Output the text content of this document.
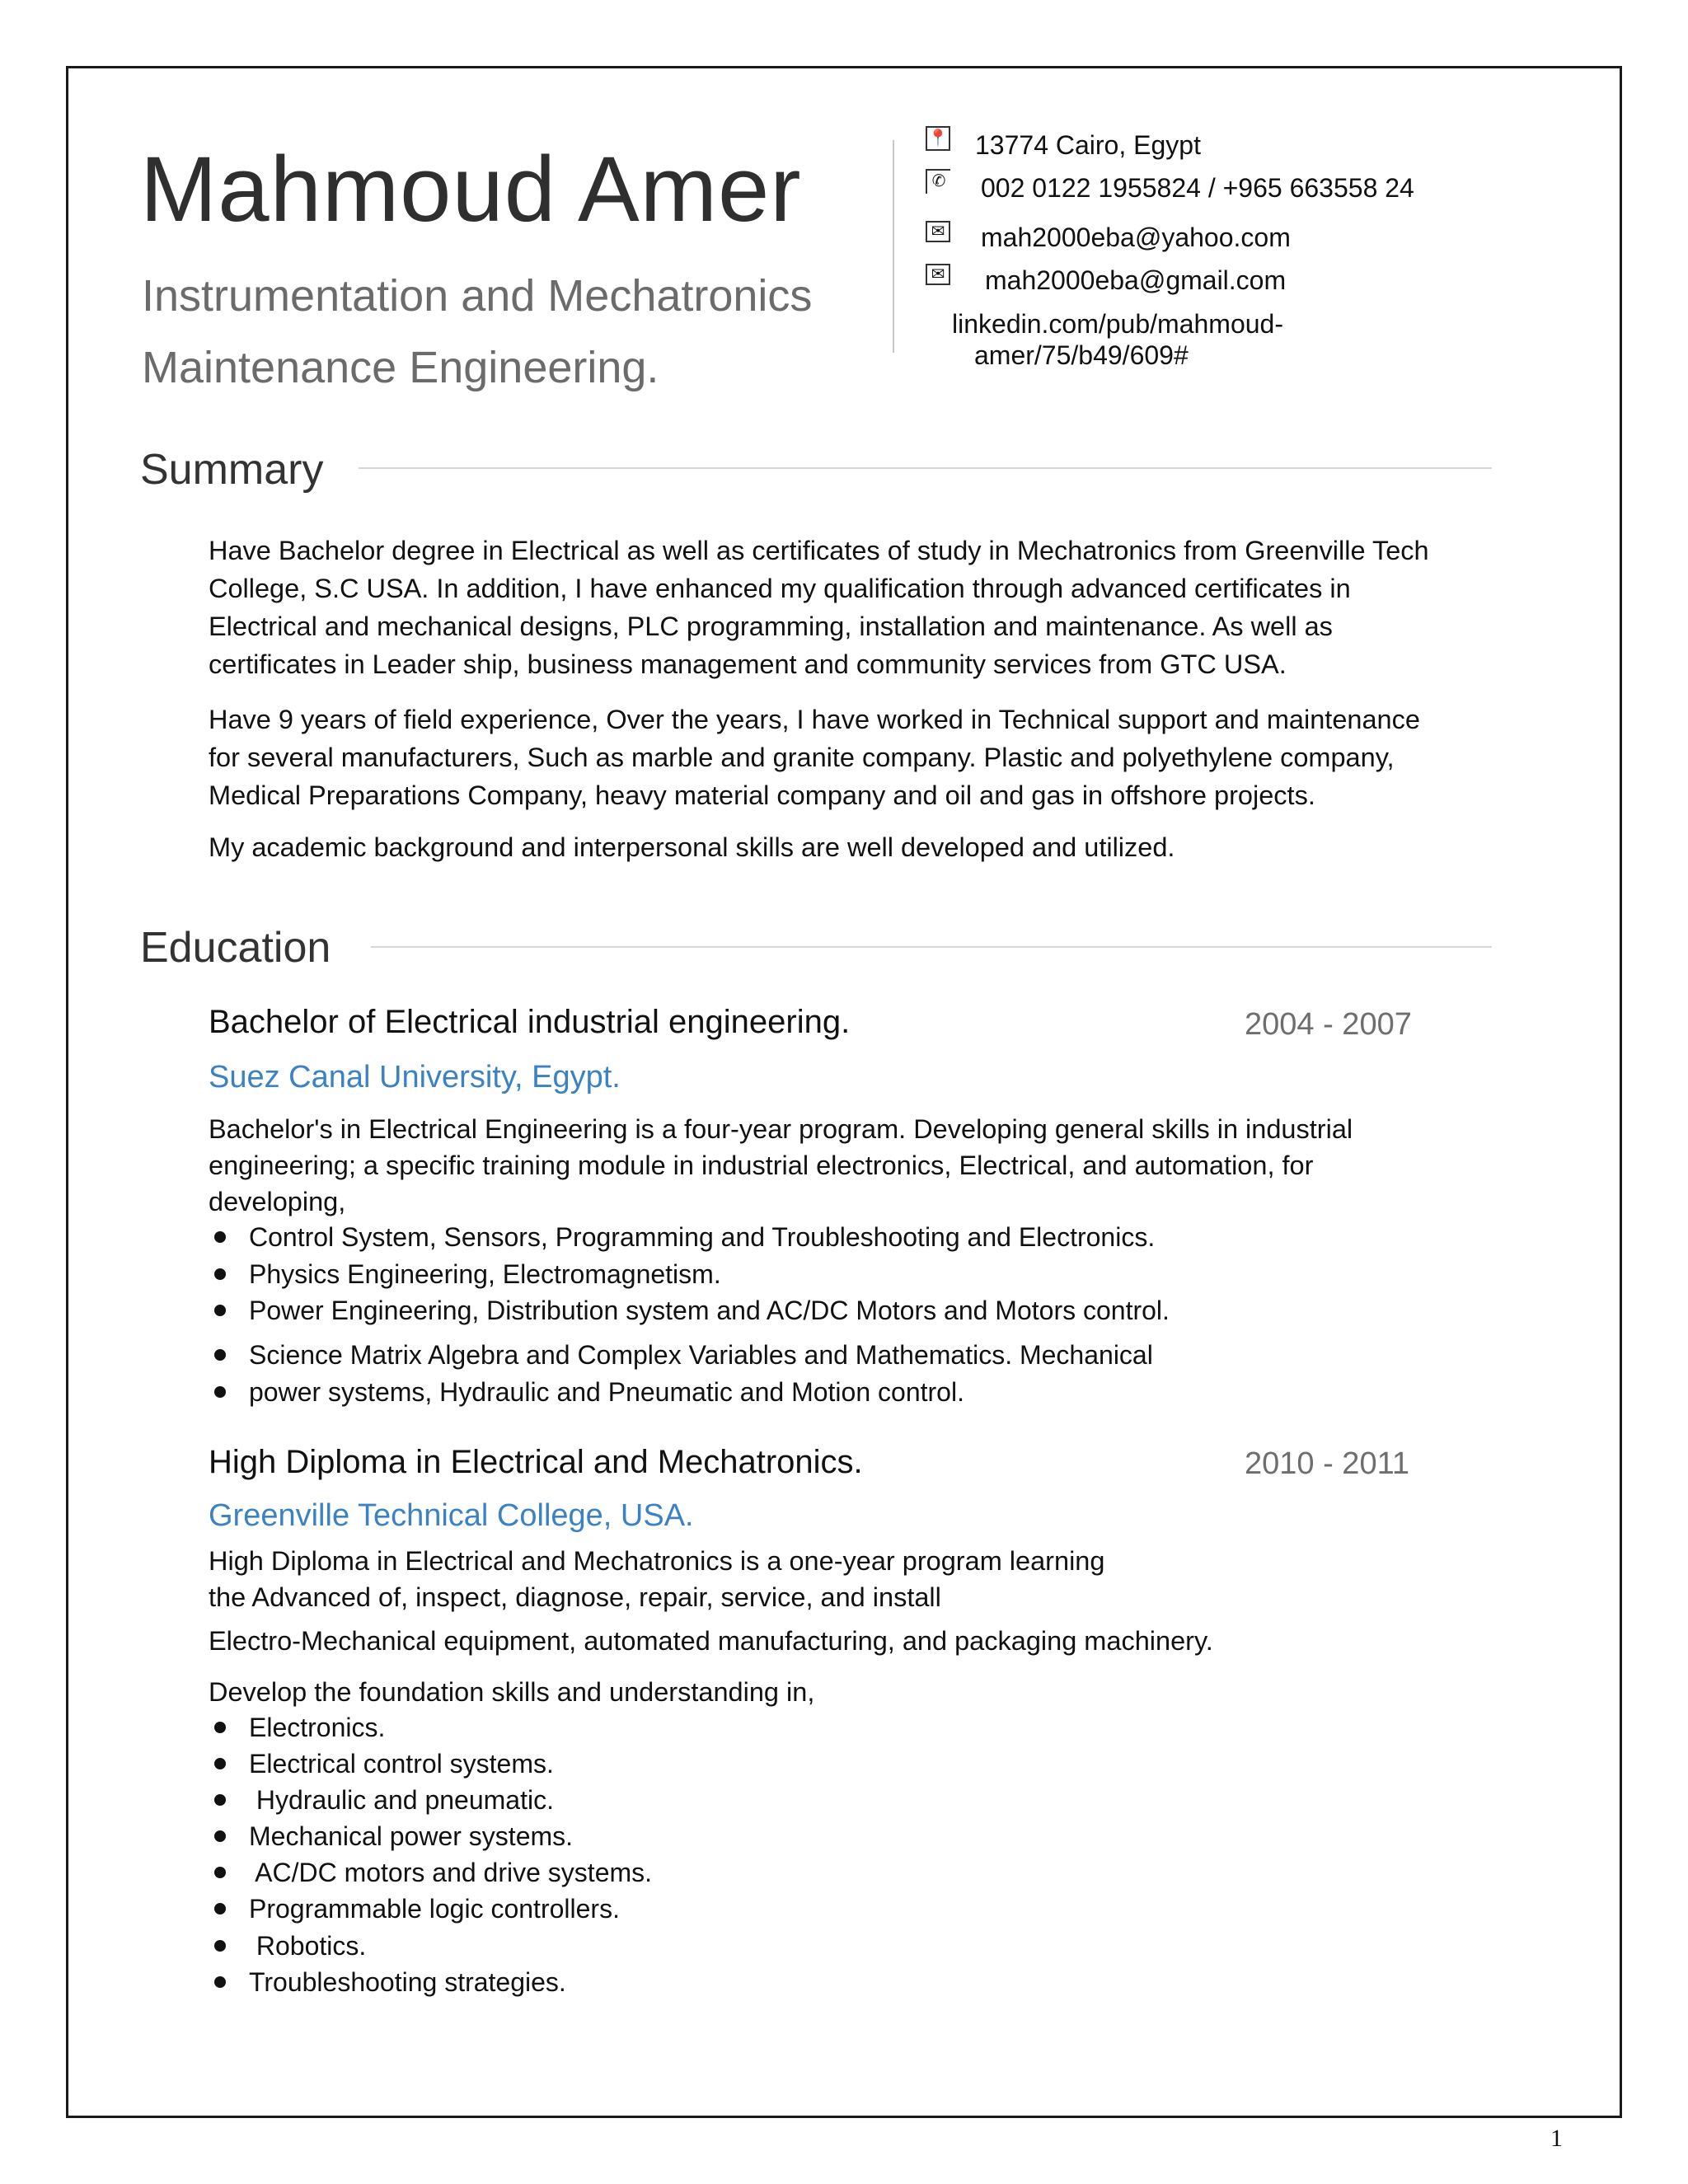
Mahmoud Amer
Instrumentation and Mechatronics
Maintenance Engineering.
📍 13774 Cairo, Egypt
✆ 002 0122 1955824 / +965 663558 24
✉ mah2000eba@yahoo.com
✉ mah2000eba@gmail.com
linkedin.com/pub/mahmoud-
amer/75/b49/609#
Summary
Have Bachelor degree in Electrical as well as certificates of study in Mechatronics from Greenville Tech
College, S.C USA. In addition, I have enhanced my qualification through advanced certificates in
Electrical and mechanical designs, PLC programming, installation and maintenance. As well as
certificates in Leader ship, business management and community services from GTC USA.
Have 9 years of field experience, Over the years, I have worked in Technical support and maintenance
for several manufacturers, Such as marble and granite company. Plastic and polyethylene company,
Medical Preparations Company, heavy material company and oil and gas in offshore projects.
My academic background and interpersonal skills are well developed and utilized.
Education
Bachelor of Electrical industrial engineering.	2004 - 2007
Suez Canal University, Egypt.
Bachelor's in Electrical Engineering is a four-year program. Developing general skills in industrial
engineering; a specific training module in industrial electronics, Electrical, and automation, for
developing,
Control System, Sensors, Programming and Troubleshooting and Electronics.
Physics Engineering, Electromagnetism.
Power Engineering, Distribution system and AC/DC Motors and Motors control.
Science Matrix Algebra and Complex Variables and Mathematics. Mechanical
power systems, Hydraulic and Pneumatic and Motion control.
High Diploma in Electrical and Mechatronics.	2010 - 2011
Greenville Technical College, USA.
High Diploma in Electrical and Mechatronics is a one-year program learning
the Advanced of, inspect, diagnose, repair, service, and install
Electro-Mechanical equipment, automated manufacturing, and packaging machinery.
Develop the foundation skills and understanding in,
Electronics.
Electrical control systems.
Hydraulic and pneumatic.
Mechanical power systems.
AC/DC motors and drive systems.
Programmable logic controllers.
Robotics.
Troubleshooting strategies.
1
